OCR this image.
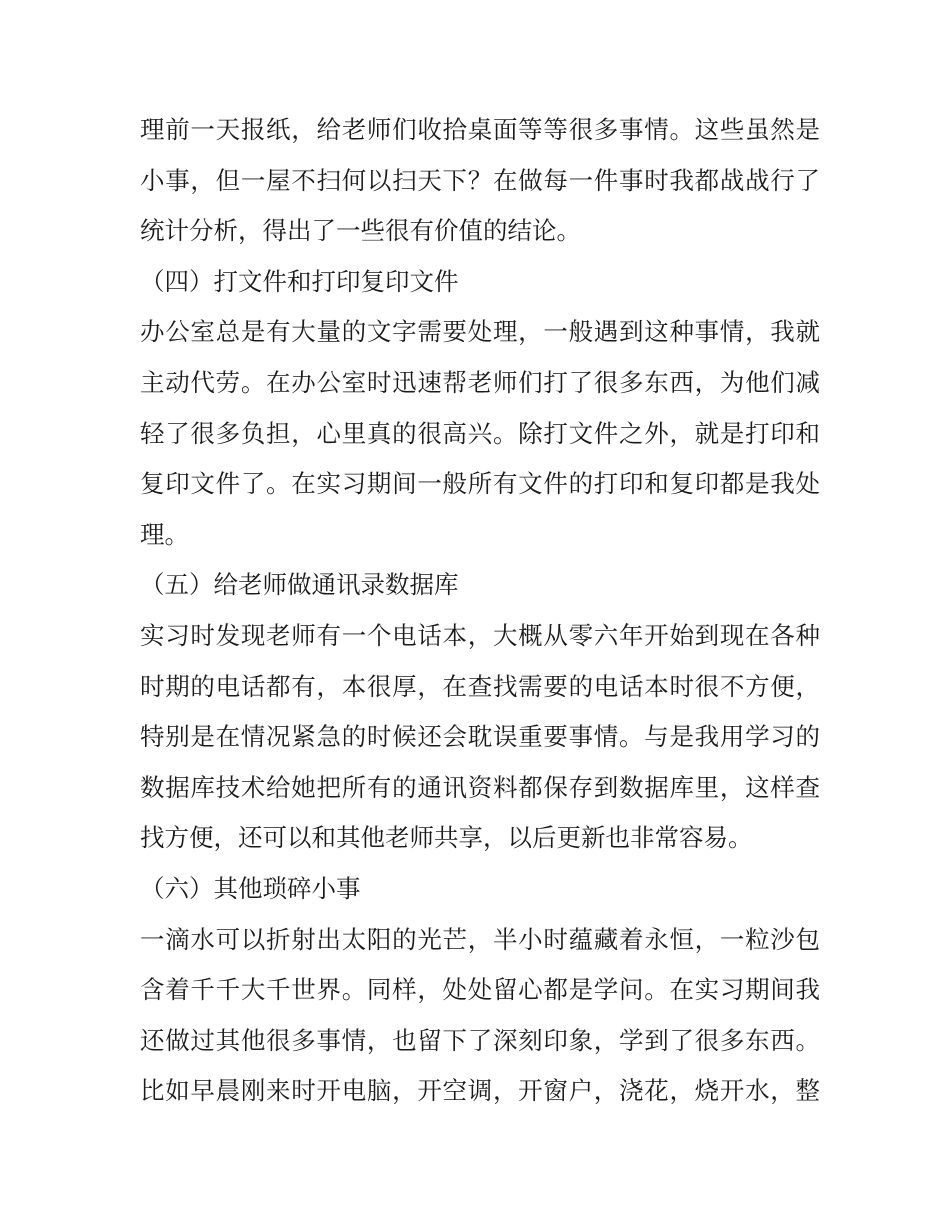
理前一天报纸，给老师们收拾桌面等等很多事情。这些虽然是
小事，但一屋不扫何以扫天下？在做每一件事时我都战战行了
统计分析，得出了一些很有价值的结论。
（四）打文件和打印复印文件
办公室总是有大量的文字需要处理，一般遇到这种事情，我就
主动代劳。在办公室时迅速帮老师们打了很多东西，为他们减
轻了很多负担，心里真的很高兴。除打文件之外，就是打印和
复印文件了。在实习期间一般所有文件的打印和复印都是我处
理。
（五）给老师做通讯录数据库
实习时发现老师有一个电话本，大概从零六年开始到现在各种
时期的电话都有，本很厚，在查找需要的电话本时很不方便，
特别是在情况紧急的时候还会耽误重要事情。与是我用学习的
数据库技术给她把所有的通讯资料都保存到数据库里，这样查
找方便，还可以和其他老师共享，以后更新也非常容易。
（六）其他琐碎小事
一滴水可以折射出太阳的光芒，半小时蕴藏着永恒，一粒沙包
含着千千大千世界。同样，处处留心都是学问。在实习期间我
还做过其他很多事情，也留下了深刻印象，学到了很多东西。
比如早晨刚来时开电脑，开空调，开窗户，浇花，烧开水，整
